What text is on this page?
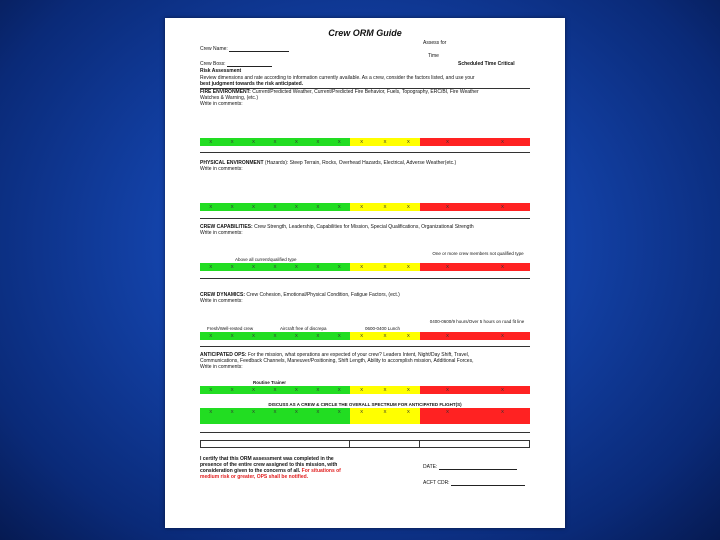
Crew ORM Guide
Crew Name:
Assess for
Time
Crew Boss:	Scheduled Time Critical
Risk Assessment
Review dimensions and rate according to information currently available. As a crew, consider the factors listed, and use your
best judgment towards the risk anticipated.
FIRE ENVIRONMENT: Current/Predicted Weather, Current/Predicted Fire Behavior, Fuels, Topography, ERC/BI, Fire Weather
Watches & Warning, (etc.)
Write in comments:
X	X	X	X	X	X	X	X	X	X	X	X
PHYSICAL ENVIRONMENT (Hazards): Steep Terrain, Rocks, Overhead Hazards, Electrical, Adverse Weather(etc.)
Write in comments:
X	X	X	X	X	X	X	X	X	X	X	X
CREW CAPABILITIES: Crew Strength, Leadership, Capabilities for Mission, Special Qualifications, Organizational Strength
Write in comments:
Above all current/qualified type
One or more crew members not qualified type
X	X	X	X	X	X	X	X	X	X	X	X
CREW DYNAMICS: Crew Cohesion, Emotional/Physical Condition, Fatigue Factors, (ect.)
Write in comments:
Fresh/Well-rested crew	Aircraft free of discrepa	0600-0400 Lunch
0400-0600/9 hours/Over 5 hours on road fit line
X	X	X	X	X	X	X	X	X	X	X	X
ANTICIPATED OPS: For the mission, what operations are expected of your crew? Leaders Intent, Night/Day Shift, Travel,
Communications, Feedback Channels, Maneuver/Positioning, Shift Length, Ability to accomplish mission, Additional Forces,
Write in comments:
Routine Trainer
X	X	X	X	X	X	X	X	X	X	X	X
DISCUSS AS A CREW & CIRCLE THE OVERALL SPECTRUM FOR ANTICIPATED FLIGHT(S)
X	X	X	X	X	X	X	X	X	X	X	X
I certify that this ORM assessment was completed in the
presence of the entire crew assigned to this mission, with
consideration given to the concerns of all. For situations of
medium risk or greater, OPS shall be notified.
DATE:
ACFT CDR:
